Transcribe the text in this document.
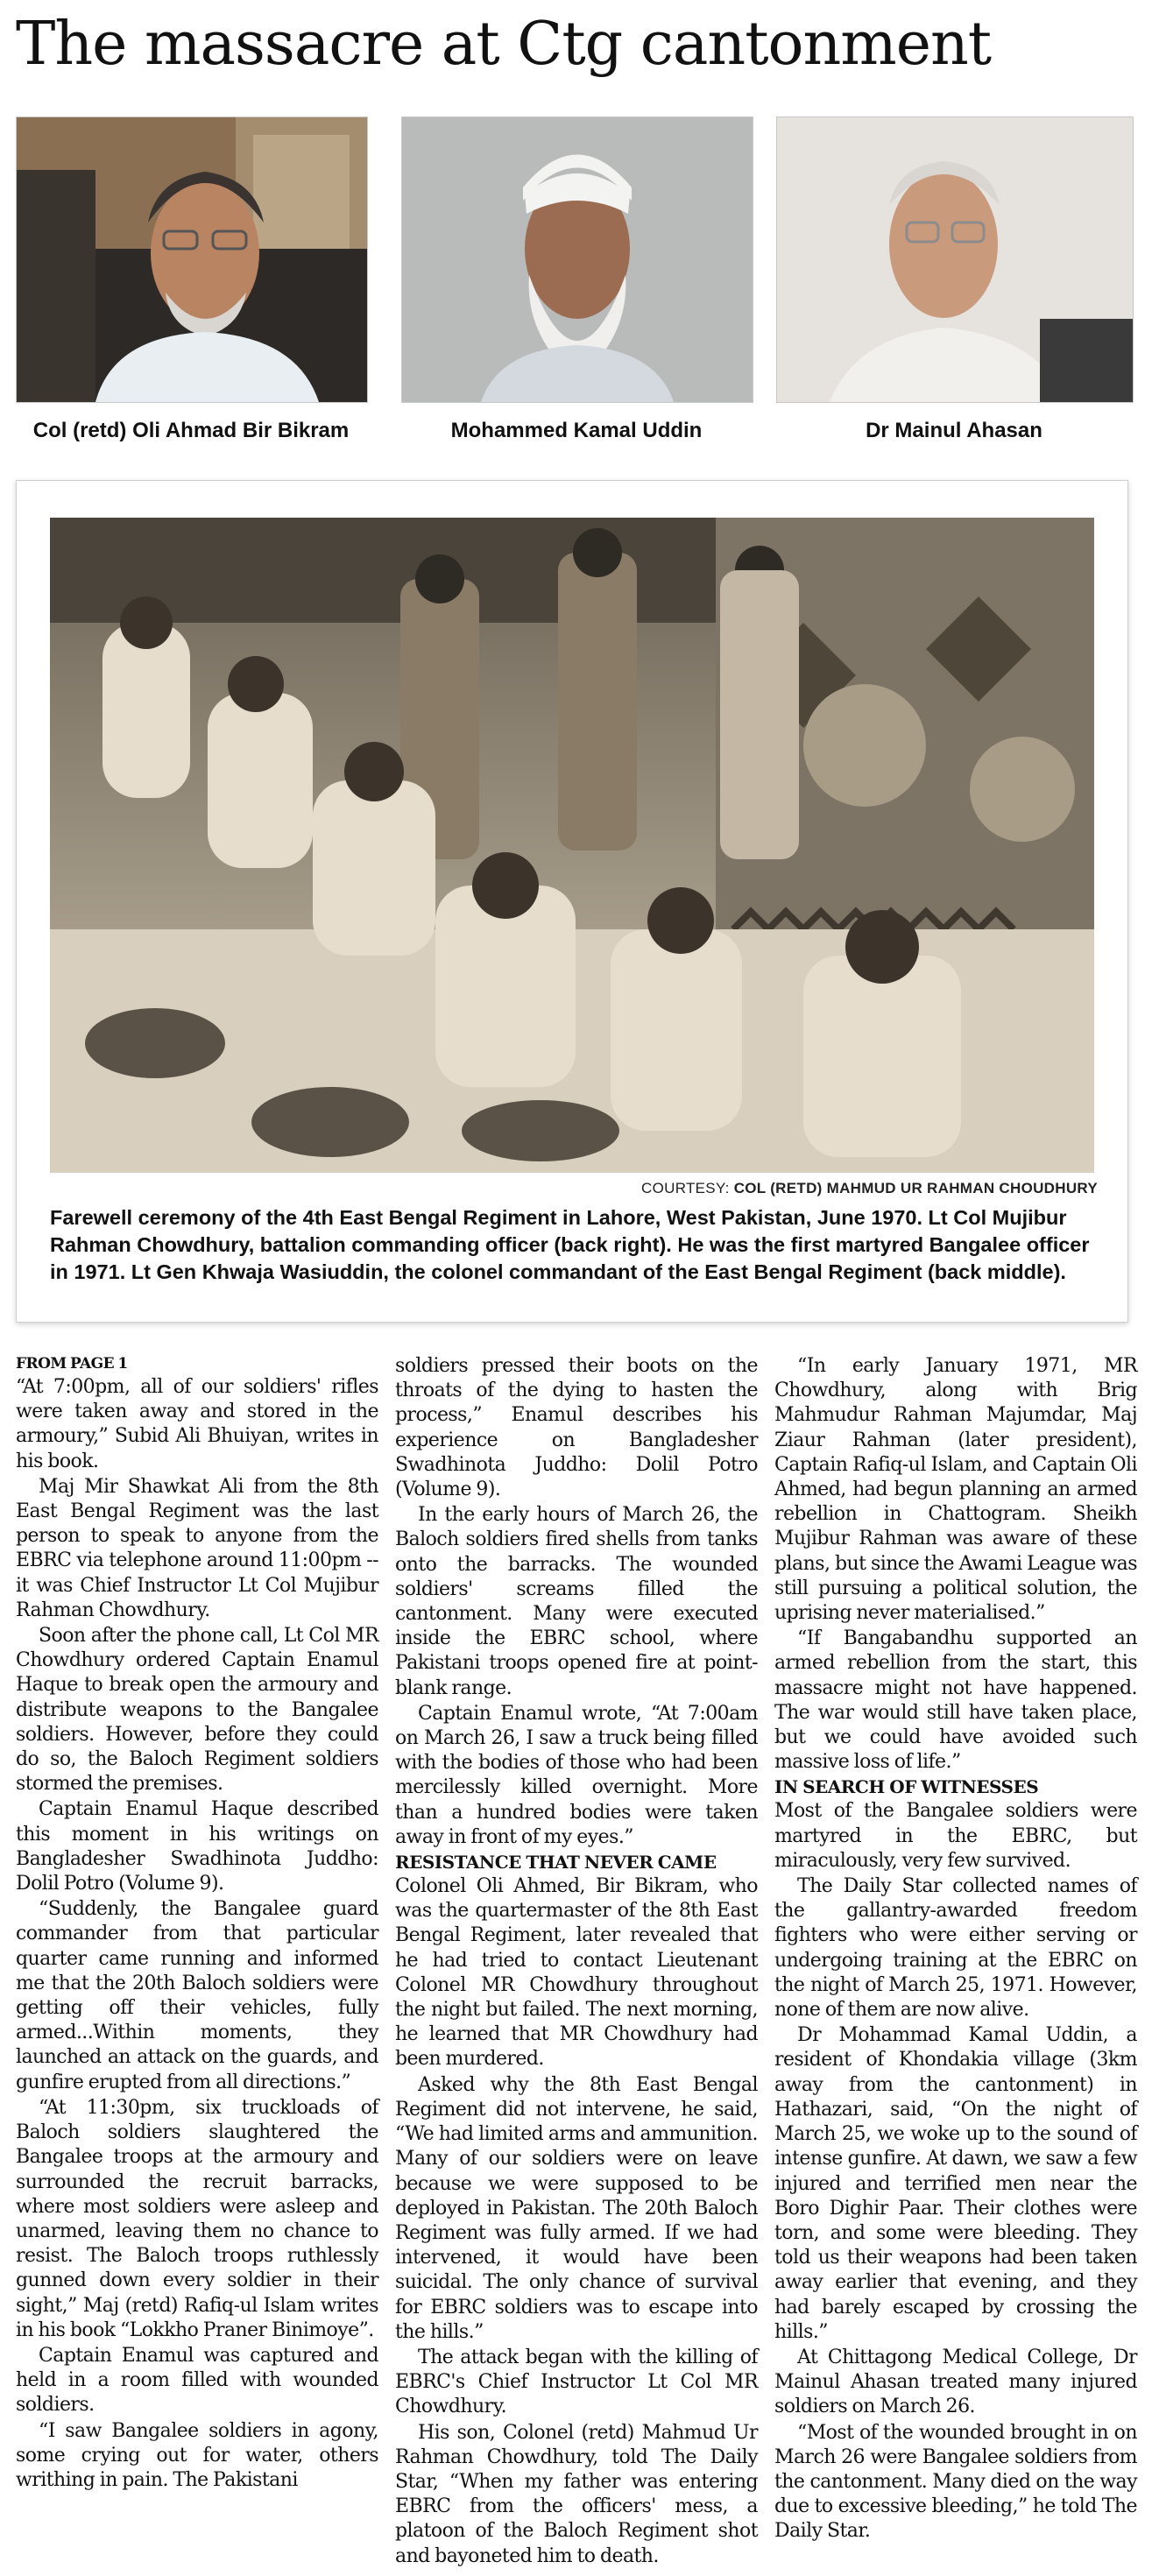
The massacre at Ctg cantonment
Col (retd) Oli Ahmad Bir Bikram	Mohammed Kamal Uddin	Dr Mainul Ahasan
COURTESY: COL (RETD) MAHMUD UR RAHMAN CHOUDHURY

Farewell ceremony of the 4th East Bengal Regiment in Lahore, West Pakistan, June 1970. Lt Col Mujibur Rahman Chowdhury, battalion commanding officer (back right). He was the first martyred Bangalee officer in 1971. Lt Gen Khwaja Wasiuddin, the colonel commandant of the East Bengal Regiment (back middle).

FROM PAGE 1

“At 7:00pm, all of our soldiers' rifles were taken away and stored in the armoury,” Subid Ali Bhuiyan, writes in his book.

Maj Mir Shawkat Ali from the 8th East Bengal Regiment was the last person to speak to anyone from the EBRC via telephone around 11:00pm -- it was Chief Instructor Lt Col Mujibur Rahman Chowdhury.

Soon after the phone call, Lt Col MR Chowdhury ordered Captain Enamul Haque to break open the armoury and distribute weapons to the Bangalee soldiers. However, before they could do so, the Baloch Regiment soldiers stormed the premises.

Captain Enamul Haque described this moment in his writings on Bangladesher Swadhinota Juddho: Dolil Potro (Volume 9).

“Suddenly, the Bangalee guard commander from that particular quarter came running and informed me that the 20th Baloch soldiers were getting off their vehicles, fully armed...Within moments, they launched an attack on the guards, and gunfire erupted from all directions.”

“At 11:30pm, six truckloads of Baloch soldiers slaughtered the Bangalee troops at the armoury and surrounded the recruit barracks, where most soldiers were asleep and unarmed, leaving them no chance to resist. The Baloch troops ruthlessly gunned down every soldier in their sight,” Maj (retd) Rafiq-ul Islam writes in his book “Lokkho Praner Binimoye”.

Captain Enamul was captured and held in a room filled with wounded soldiers.

“I saw Bangalee soldiers in agony, some crying out for water, others writhing in pain. The Pakistani

soldiers pressed their boots on the throats of the dying to hasten the process,” Enamul describes his experience on Bangladesher Swadhinota Juddho: Dolil Potro (Volume 9).

In the early hours of March 26, the Baloch soldiers fired shells from tanks onto the barracks. The wounded soldiers' screams filled the cantonment. Many were executed inside the EBRC school, where Pakistani troops opened fire at point-blank range.

Captain Enamul wrote, “At 7:00am on March 26, I saw a truck being filled with the bodies of those who had been mercilessly killed overnight. More than a hundred bodies were taken away in front of my eyes.”

RESISTANCE THAT NEVER CAME

Colonel Oli Ahmed, Bir Bikram, who was the quartermaster of the 8th East Bengal Regiment, later revealed that he had tried to contact Lieutenant Colonel MR Chowdhury throughout the night but failed. The next morning, he learned that MR Chowdhury had been murdered.

Asked why the 8th East Bengal Regiment did not intervene, he said, “We had limited arms and ammunition. Many of our soldiers were on leave because we were supposed to be deployed in Pakistan. The 20th Baloch Regiment was fully armed. If we had intervened, it would have been suicidal. The only chance of survival for EBRC soldiers was to escape into the hills.”

The attack began with the killing of EBRC's Chief Instructor Lt Col MR Chowdhury.

His son, Colonel (retd) Mahmud Ur Rahman Chowdhury, told The Daily Star, “When my father was entering EBRC from the officers' mess, a platoon of the Baloch Regiment shot and bayoneted him to death.

“In early January 1971, MR Chowdhury, along with Brig Mahmudur Rahman Majumdar, Maj Ziaur Rahman (later president), Captain Rafiq-ul Islam, and Captain Oli Ahmed, had begun planning an armed rebellion in Chattogram. Sheikh Mujibur Rahman was aware of these plans, but since the Awami League was still pursuing a political solution, the uprising never materialised.”

“If Bangabandhu supported an armed rebellion from the start, this massacre might not have happened. The war would still have taken place, but we could have avoided such massive loss of life.”

IN SEARCH OF WITNESSES

Most of the Bangalee soldiers were martyred in the EBRC, but miraculously, very few survived.

The Daily Star collected names of the gallantry-awarded freedom fighters who were either serving or undergoing training at the EBRC on the night of March 25, 1971. However, none of them are now alive.

Dr Mohammad Kamal Uddin, a resident of Khondakia village (3km away from the cantonment) in Hathazari, said, “On the night of March 25, we woke up to the sound of intense gunfire. At dawn, we saw a few injured and terrified men near the Boro Dighir Paar. Their clothes were torn, and some were bleeding. They told us their weapons had been taken away earlier that evening, and they had barely escaped by crossing the hills.”

At Chittagong Medical College, Dr Mainul Ahasan treated many injured soldiers on March 26.

“Most of the wounded brought in on March 26 were Bangalee soldiers from the cantonment. Many died on the way due to excessive bleeding,” he told The Daily Star.
